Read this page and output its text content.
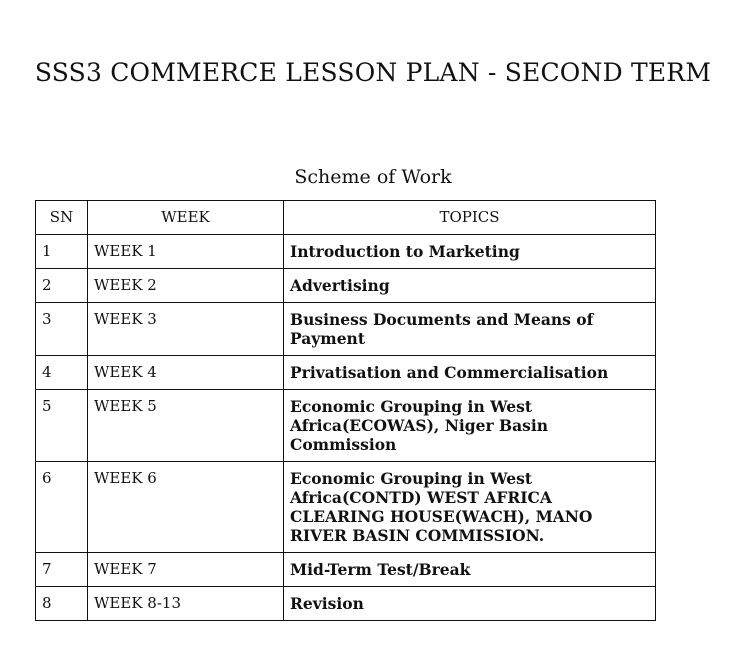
SSS3 COMMERCE LESSON PLAN - SECOND TERM
Scheme of Work
SN	WEEK	TOPICS
1	WEEK 1	Introduction to Marketing
2	WEEK 2	Advertising
3	WEEK 3	Business Documents and Means of Payment
4	WEEK 4	Privatisation and Commercialisation
5	WEEK 5	Economic Grouping in West Africa(ECOWAS), Niger Basin Commission
6	WEEK 6	Economic Grouping in West Africa(CONTD) WEST AFRICA CLEARING HOUSE(WACH), MANO RIVER BASIN COMMISSION.
7	WEEK 7	Mid-Term Test/Break
8	WEEK 8-13	Revision
